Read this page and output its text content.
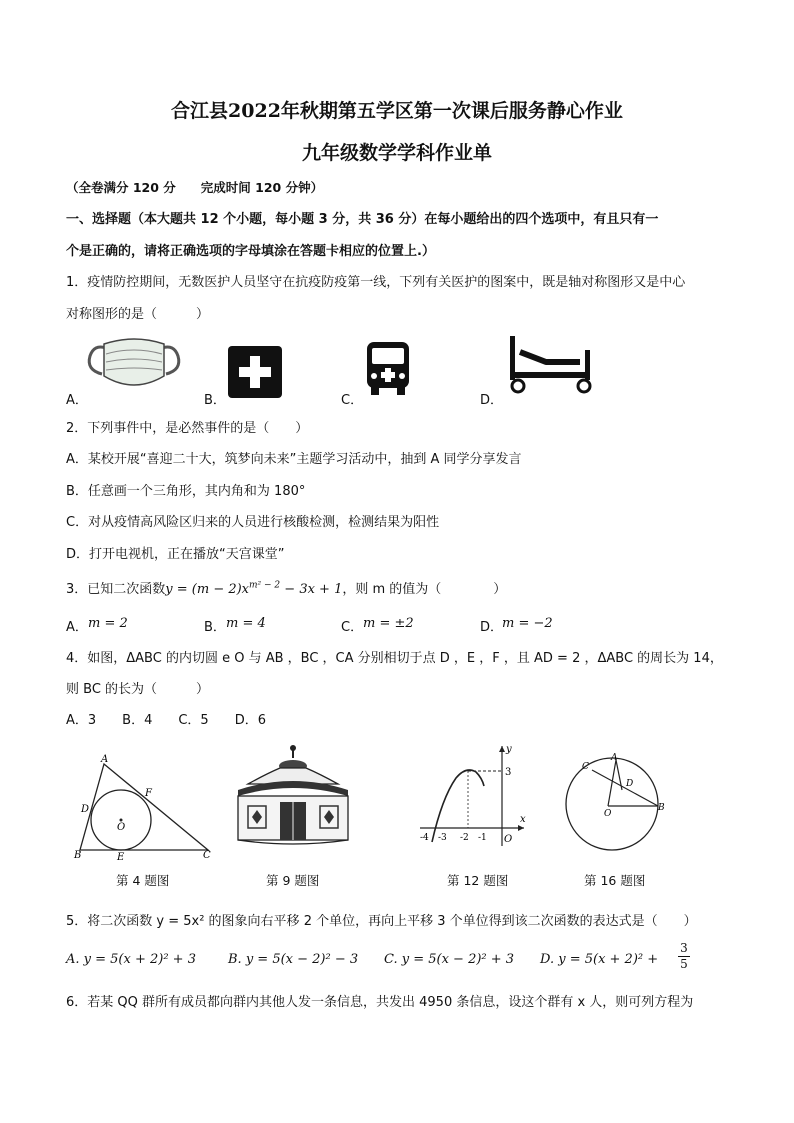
合江县2022年秋期第五学区第一次课后服务静心作业
九年级数学学科作业单
（全卷满分 120 分　　完成时间 120 分钟）
一、选择题（本大题共 12 个小题，每小题 3 分，共 36 分）在每小题给出的四个选项中，有且只有一
个是正确的，请将正确选项的字母填涂在答题卡相应的位置上.）
1．疫情防控期间，无数医护人员坚守在抗疫防疫第一线，下列有关医护的图案中，既是轴对称图形又是中心
对称图形的是（　　　）
A．	B．	C．	D．
2．下列事件中，是必然事件的是（　　）
A．某校开展“喜迎二十大，筑梦向未来”主题学习活动中，抽到 A 同学分享发言
B．任意画一个三角形，其内角和为 180°
C．对从疫情高风险区归来的人员进行核酸检测，检测结果为阳性
D．打开电视机，正在播放“天宫课堂”
3．已知二次函数$y = (m - 2)x^{m^2 - 2} - 3x + 1$，则 m 的值为（　　　　）
A． m = 2	B． m = 4	C． m = ±2	D．
m = −2
4．如图，ΔABC 的内切圆 e O 与 AB ，BC ，CA 分别相切于点 D ，E ，F ，且 AD = 2 ，ΔABC 的周长为 14，
则 BC 的长为（　　　）
A．3　　B．4　　C．5　　D．6
A
B	C
D
E
F
O
第 4 题图	第 9 题图
y
x
3
-4 -3 -2 -1 O
第 12 题图
A
B
C
D
O
第 16 题图
5．将二次函数 y = 5x² 的图象向右平移 2 个单位，再向上平移 3 个单位得到该二次函数的表达式是（　　）
A. y = 5(x + 2)² + 3 B. y = 5(x − 2)² − 3 C. y = 5(x − 2)² + 3 D. $y = 5(x + 2)^2 + \frac{3}{5}$
6．若某 QQ 群所有成员都向群内其他人发一条信息，共发出 4950 条信息，设这个群有 x 人，则可列方程为
